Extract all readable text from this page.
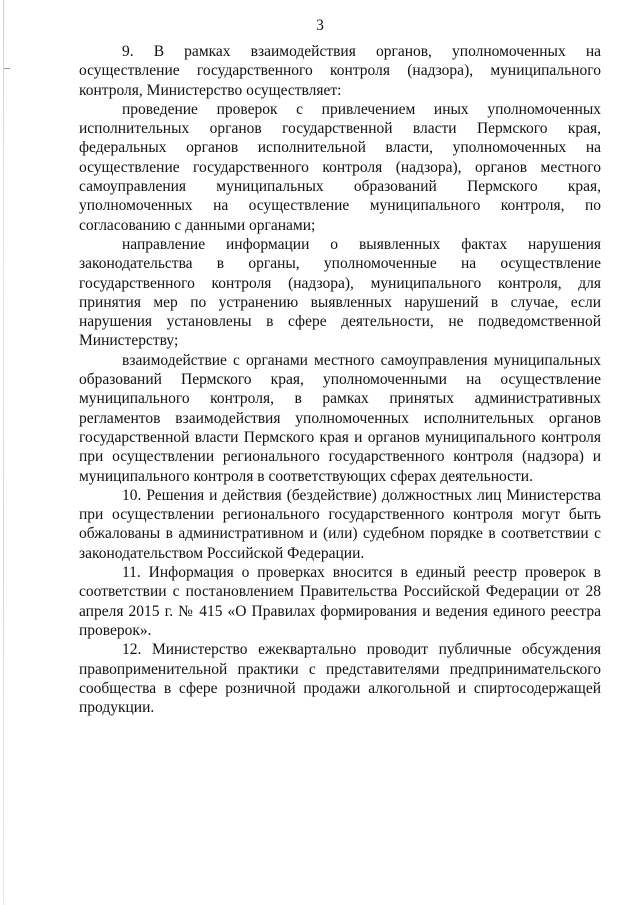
3

9. В рамках взаимодействия органов, уполномоченных на осуществление государственного контроля (надзора), муниципального контроля, Министерство осуществляет:

проведение проверок с привлечением иных уполномоченных исполнительных органов государственной власти Пермского края, федеральных органов исполнительной власти, уполномоченных на осуществление государственного контроля (надзора), органов местного самоуправления муниципальных образований Пермского края, уполномоченных на осуществление муниципального контроля, по согласованию с данными органами;

направление информации о выявленных фактах нарушения законодательства в органы, уполномоченные на осуществление государственного контроля (надзора), муниципального контроля, для принятия мер по устранению выявленных нарушений в случае, если нарушения установлены в сфере деятельности, не подведомственной Министерству;

взаимодействие с органами местного самоуправления муниципальных образований Пермского края, уполномоченными на осуществление муниципального контроля, в рамках принятых административных регламентов взаимодействия уполномоченных исполнительных органов государственной власти Пермского края и органов муниципального контроля при осуществлении регионального государственного контроля (надзора) и муниципального контроля в соответствующих сферах деятельности.

10. Решения и действия (бездействие) должностных лиц Министерства при осуществлении регионального государственного контроля могут быть обжалованы в административном и (или) судебном порядке в соответствии с законодательством Российской Федерации.

11. Информация о проверках вносится в единый реестр проверок в соответствии с постановлением Правительства Российской Федерации от 28 апреля 2015 г. № 415 «О Правилах формирования и ведения единого реестра проверок».

12. Министерство ежеквартально проводит публичные обсуждения правоприменительной практики с представителями предпринимательского сообщества в сфере розничной продажи алкогольной и спиртосодержащей продукции.
